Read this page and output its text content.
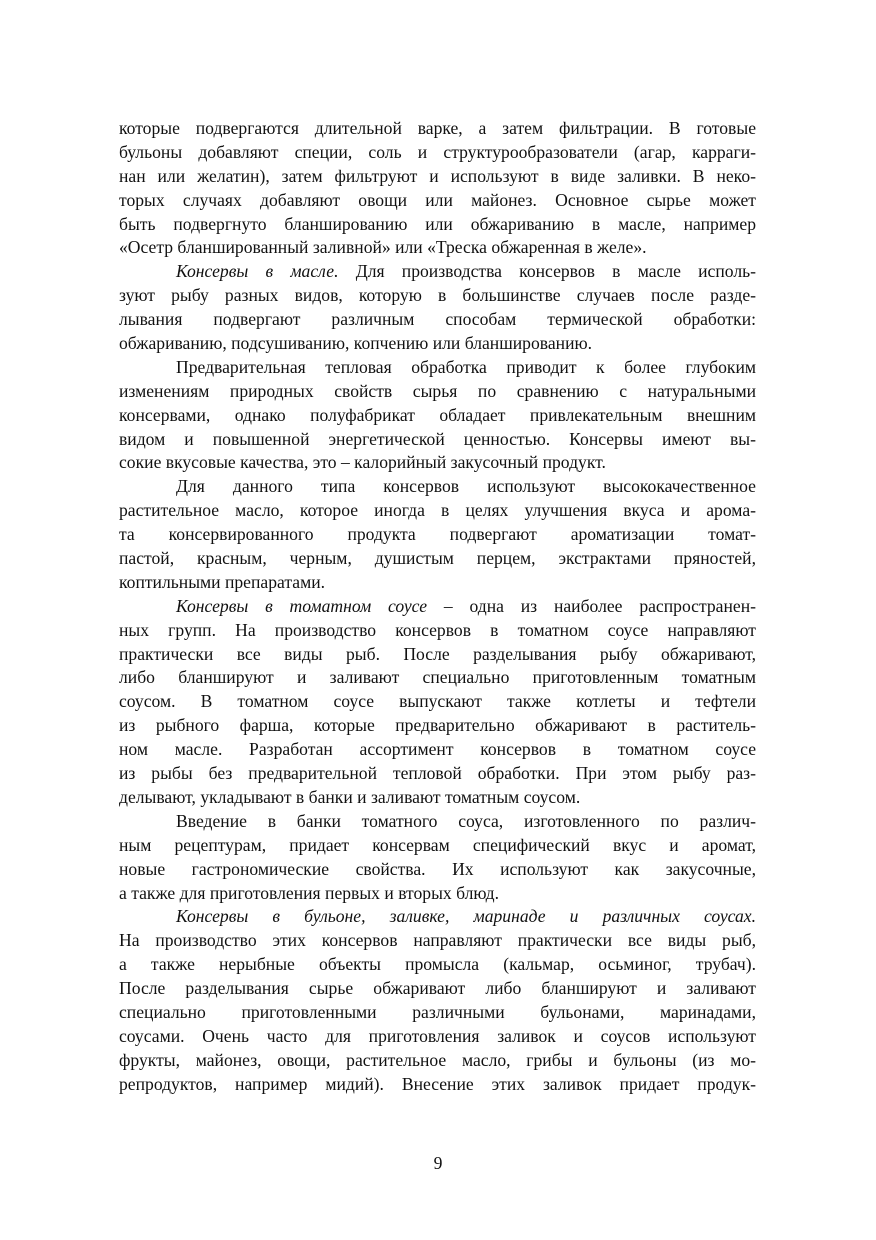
которые подвергаются длительной варке, а затем фильтрации. В готовые
бульоны добавляют специи, соль и структурообразователи (агар, карраги-
нан или желатин), затем фильтруют и используют в виде заливки. В неко-
торых случаях добавляют овощи или майонез. Основное сырье может
быть подвергнуто бланшированию или обжариванию в масле, например
«Осетр бланшированный заливной» или «Треска обжаренная в желе».
Консервы в масле. Для производства консервов в масле исполь-
зуют рыбу разных видов, которую в большинстве случаев после разде-
лывания подвергают различным способам термической обработки:
обжариванию, подсушиванию, копчению или бланшированию.
Предварительная тепловая обработка приводит к более глубоким
изменениям природных свойств сырья по сравнению с натуральными
консервами, однако полуфабрикат обладает привлекательным внешним
видом и повышенной энергетической ценностью. Консервы имеют вы-
сокие вкусовые качества, это – калорийный закусочный продукт.
Для данного типа консервов используют высококачественное
растительное масло, которое иногда в целях улучшения вкуса и арома-
та консервированного продукта подвергают ароматизации томат-
пастой, красным, черным, душистым перцем, экстрактами пряностей,
коптильными препаратами.
Консервы в томатном соусе – одна из наиболее распространен-
ных групп. На производство консервов в томатном соусе направляют
практически все виды рыб. После разделывания рыбу обжаривают,
либо бланшируют и заливают специально приготовленным томатным
соусом. В томатном соусе выпускают также котлеты и тефтели
из рыбного фарша, которые предварительно обжаривают в раститель-
ном масле. Разработан ассортимент консервов в томатном соусе
из рыбы без предварительной тепловой обработки. При этом рыбу раз-
делывают, укладывают в банки и заливают томатным соусом.
Введение в банки томатного соуса, изготовленного по различ-
ным рецептурам, придает консервам специфический вкус и аромат,
новые гастрономические свойства. Их используют как закусочные,
а также для приготовления первых и вторых блюд.
Консервы в бульоне, заливке, маринаде и различных соусах.
На производство этих консервов направляют практически все виды рыб,
а также нерыбные объекты промысла (кальмар, осьминог, трубач).
После разделывания сырье обжаривают либо бланшируют и заливают
специально приготовленными различными бульонами, маринадами,
соусами. Очень часто для приготовления заливок и соусов используют
фрукты, майонез, овощи, растительное масло, грибы и бульоны (из мо-
репродуктов, например мидий). Внесение этих заливок придает продук-
9
